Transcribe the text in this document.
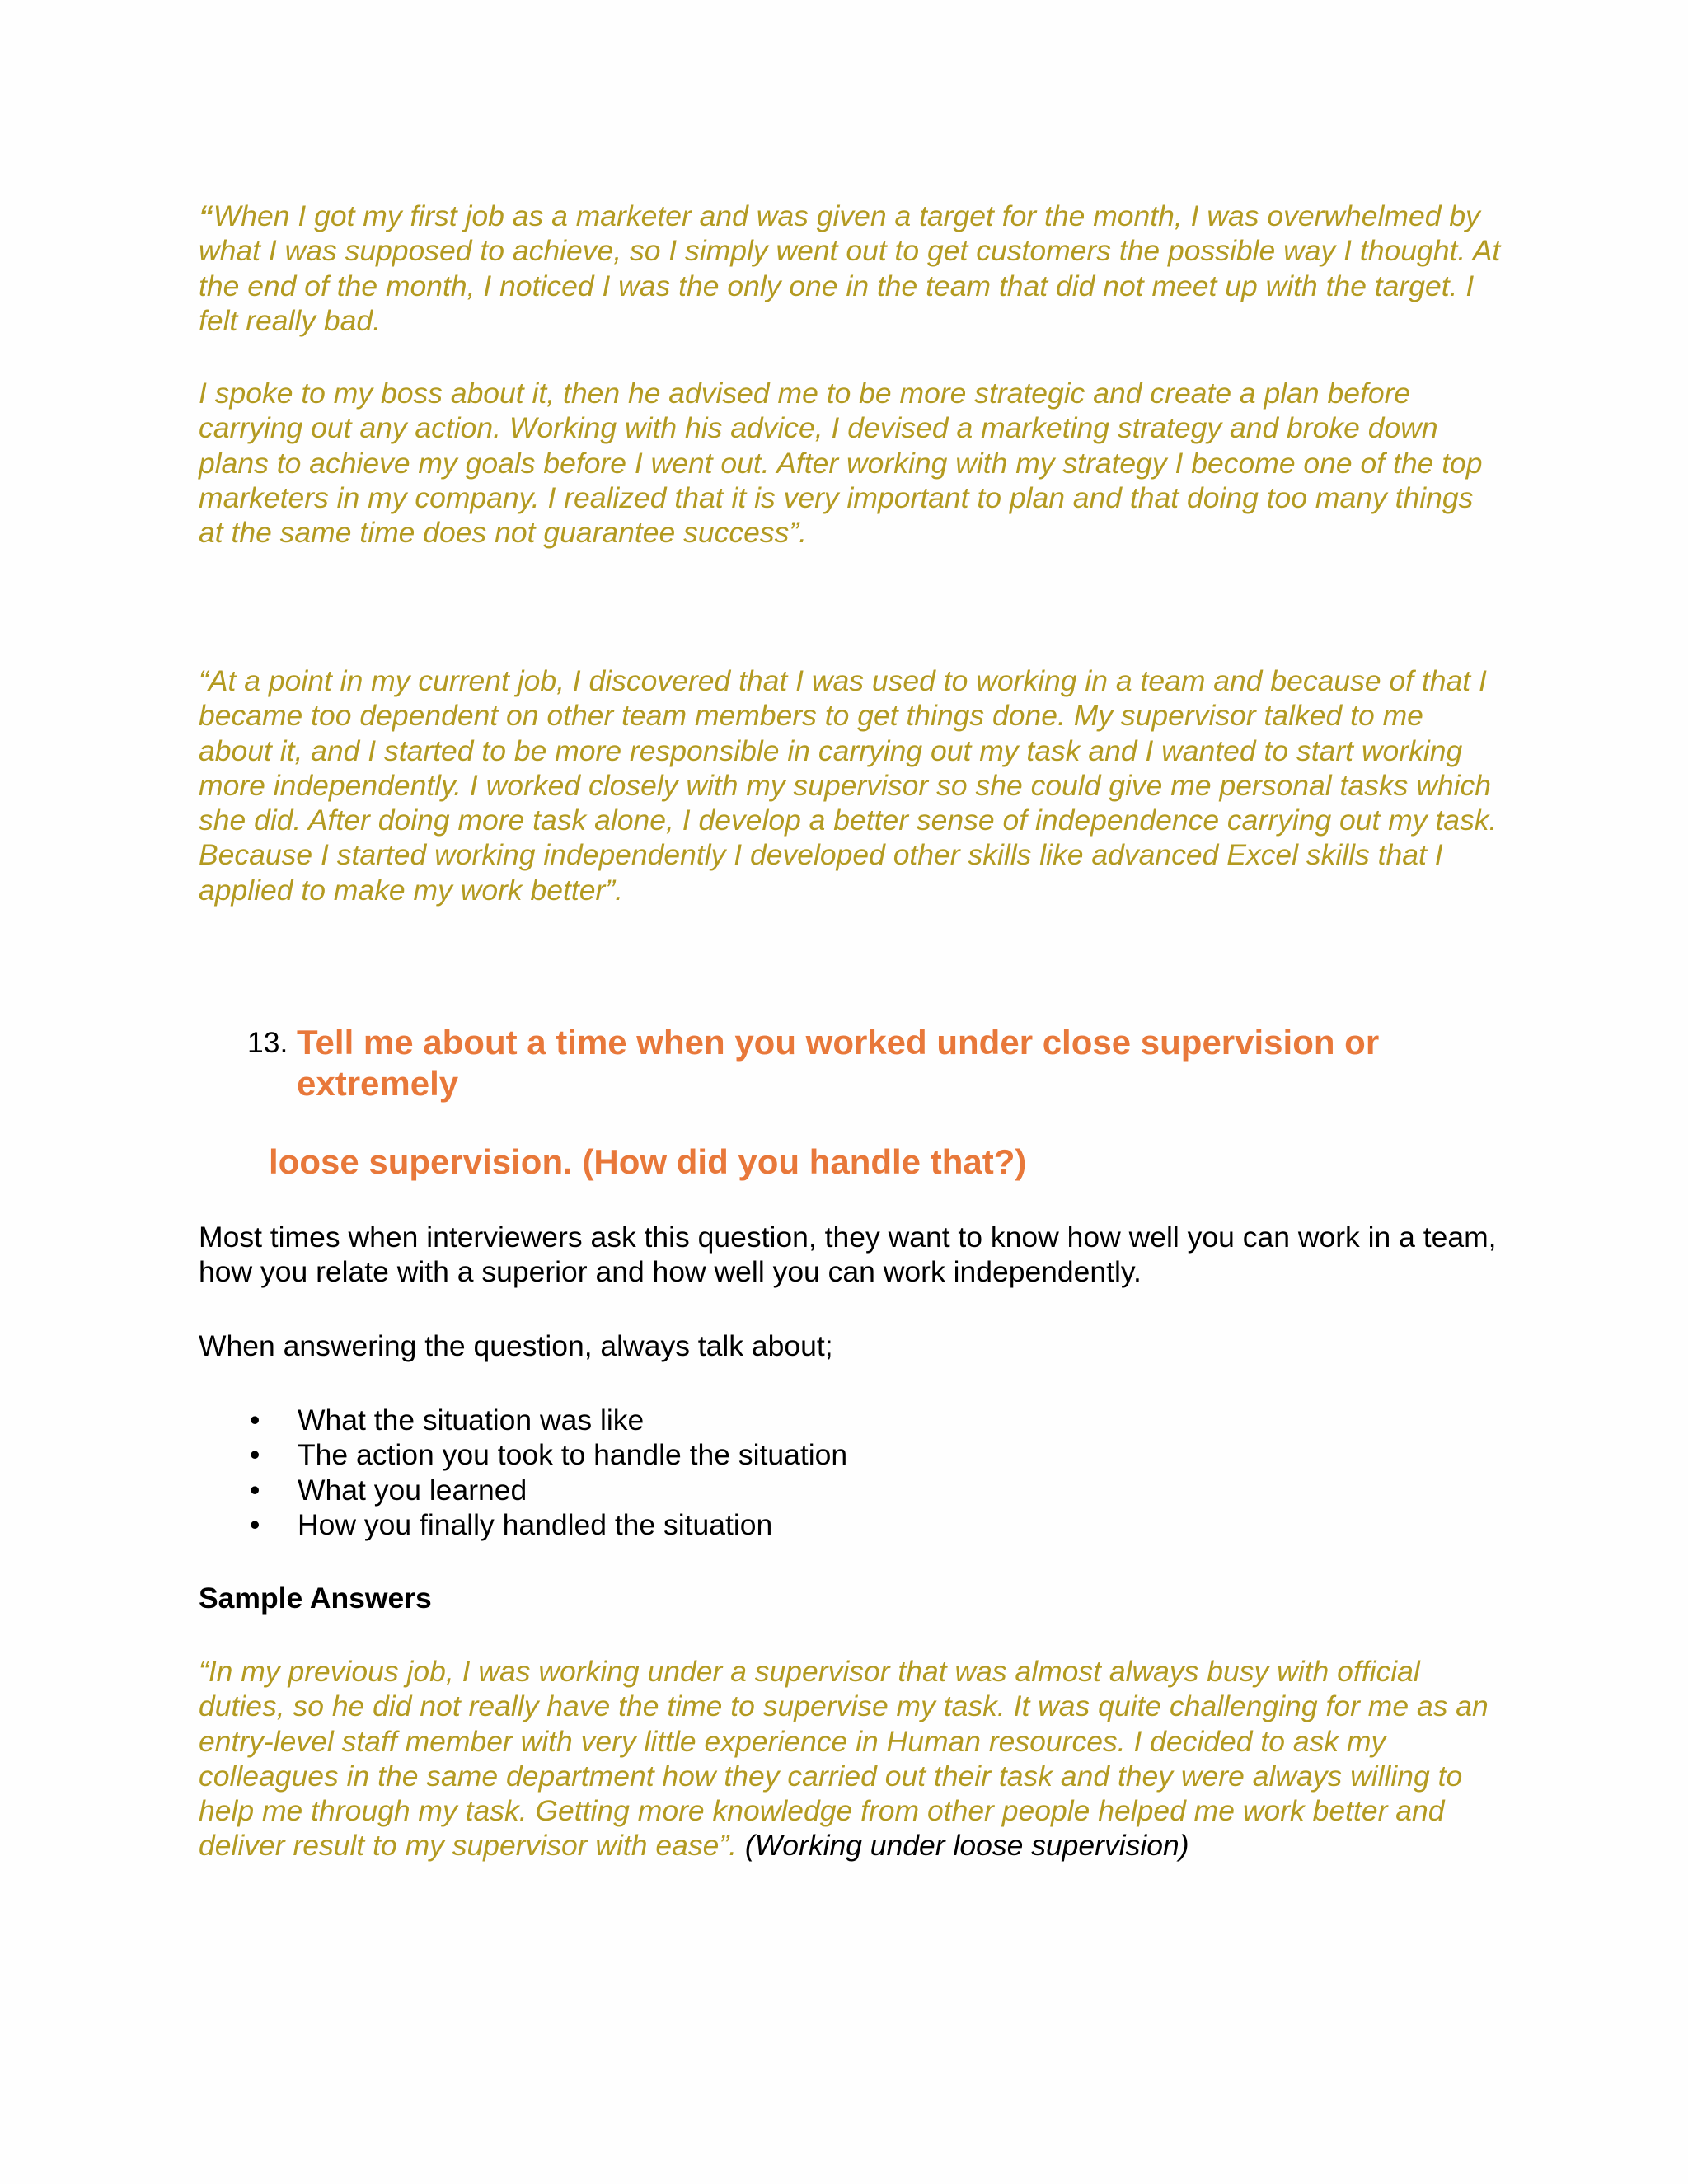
“When I got my first job as a marketer and was given a target for the month, I was overwhelmed by what I was supposed to achieve, so I simply went out to get customers the possible way I thought. At the end of the month, I noticed I was the only one in the team that did not meet up with the target. I felt really bad.

I spoke to my boss about it, then he advised me to be more strategic and create a plan before carrying out any action. Working with his advice, I devised a marketing strategy and broke down plans to achieve my goals before I went out. After working with my strategy I become one of the top marketers in my company. I realized that it is very important to plan and that doing too many things at the same time does not guarantee success”.

“At a point in my current job, I discovered that I was used to working in a team and because of that I became too dependent on other team members to get things done. My supervisor talked to me about it, and I started to be more responsible in carrying out my task and I wanted to start working more independently. I worked closely with my supervisor so she could give me personal tasks which she did. After doing more task alone, I develop a better sense of independence carrying out my task. Because I started working independently I developed other skills like advanced Excel skills that I applied to make my work better”.

13. Tell me about a time when you worked under close supervision or
extremely

loose supervision. (How did you handle that?)

Most times when interviewers ask this question, they want to know how well you can work in a team, how you relate with a superior and how well you can work independently.

When answering the question, always talk about;

• What the situation was like
• The action you took to handle the situation
• What you learned
• How you finally handled the situation

Sample Answers

“In my previous job, I was working under a supervisor that was almost always busy with official duties, so he did not really have the time to supervise my task. It was quite challenging for me as an entry-level staff member with very little experience in Human resources. I decided to ask my colleagues in the same department how they carried out their task and they were always willing to help me through my task. Getting more knowledge from other people helped me work better and deliver result to my supervisor with ease”. (Working under loose supervision)
